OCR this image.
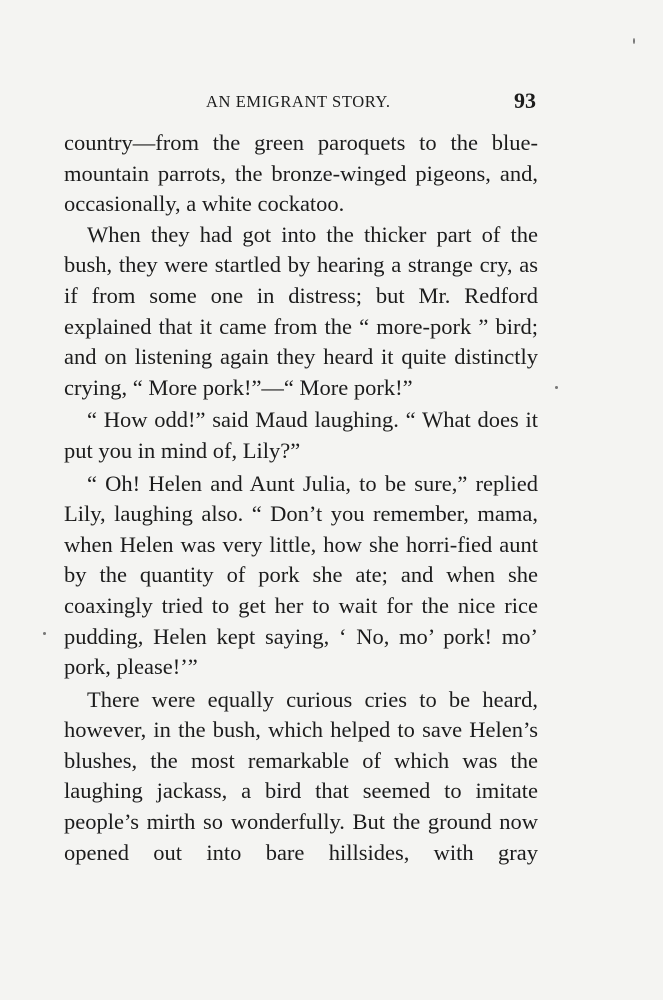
AN EMIGRANT STORY.	93

country—from the green paroquets to the blue-mountain parrots, the bronze-winged pigeons, and, occasionally, a white cockatoo.

When they had got into the thicker part of the bush, they were startled by hearing a strange cry, as if from some one in distress; but Mr. Redford explained that it came from the “ more-pork ” bird; and on listening again they heard it quite distinctly crying, “ More pork!”—“ More pork!”

“ How odd!” said Maud laughing. “ What does it put you in mind of, Lily?”

“ Oh! Helen and Aunt Julia, to be sure,” replied Lily, laughing also. “ Don’t you remember, mama, when Helen was very little, how she horri-fied aunt by the quantity of pork she ate; and when she coaxingly tried to get her to wait for the nice rice pudding, Helen kept saying, ‘ No, mo’ pork! mo’ pork, please!’”

There were equally curious cries to be heard, however, in the bush, which helped to save Helen’s blushes, the most remarkable of which was the laughing jackass, a bird that seemed to imitate people’s mirth so wonderfully. But the ground now opened out into bare hillsides, with gray
